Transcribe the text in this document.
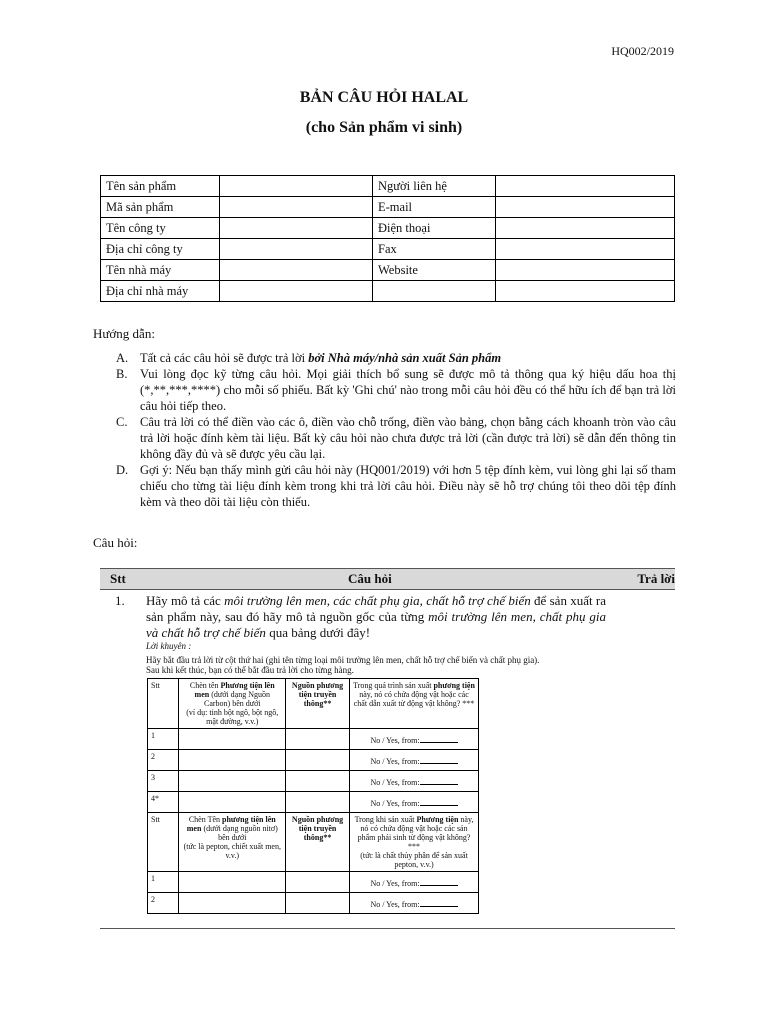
HQ002/2019
BẢN CÂU HỎI HALAL
(cho Sản phẩm vi sinh)
Tên sản phẩm		Người liên hệ	
Mã sản phẩm		E-mail	
Tên công ty		Điện thoại	
Địa chỉ công ty		Fax	
Tên nhà máy		Website	
Địa chỉ nhà máy			
Hướng dẫn:
A. Tất cả các câu hỏi sẽ được trả lời bởi Nhà máy/nhà sản xuất Sản phẩm
B. Vui lòng đọc kỹ từng câu hỏi. Mọi giải thích bổ sung sẽ được mô tả thông qua ký hiệu dấu hoa thị (*,**,***,****) cho mỗi số phiếu. Bất kỳ 'Ghi chú' nào trong mỗi câu hỏi đều có thể hữu ích để bạn trả lời câu hỏi tiếp theo.
C. Câu trả lời có thể điền vào các ô, điền vào chỗ trống, điền vào bảng, chọn bằng cách khoanh tròn vào câu trả lời hoặc đính kèm tài liệu. Bất kỳ câu hỏi nào chưa được trả lời (cần được trả lời) sẽ dẫn đến thông tin không đầy đủ và sẽ được yêu cầu lại.
D. Gợi ý: Nếu bạn thấy mình gửi câu hỏi này (HQ001/2019) với hơn 5 tệp đính kèm, vui lòng ghi lại số tham chiếu cho từng tài liệu đính kèm trong khi trả lời câu hỏi. Điều này sẽ hỗ trợ chúng tôi theo dõi tệp đính kèm và theo dõi tài liệu còn thiếu.
Câu hỏi:
Stt	Câu hỏi	Trả lời
1. Hãy mô tả các môi trường lên men, các chất phụ gia, chất hỗ trợ chế biến để sản xuất ra sản phẩm này, sau đó hãy mô tả nguồn gốc của từng môi trường lên men, chất phụ gia và chất hỗ trợ chế biến qua bảng dưới đây!
Lời khuyên :
Hãy bắt đầu trả lời từ cột thứ hai (ghi tên từng loại môi trường lên men, chất hỗ trợ chế biến và chất phụ gia).
Sau khi kết thúc, bạn có thể bắt đầu trả lời cho từng hàng.
Stt	Chèn tên Phương tiện lên men (dưới dạng Nguồn Carbon) bên dưới
(ví dụ: tinh bột ngô, bột ngô, mật đường, v.v.)	Nguồn phương tiện truyền thông**	Trong quá trình sản xuất phương tiện này, nó có chứa động vật hoặc các chất dẫn xuất từ động vật không? ***
1			No / Yes, from:
2			No / Yes, from:
3			No / Yes, from:
4*			No / Yes, from:
Stt	Chèn Tên phương tiện lên men (dưới dạng nguồn nitơ) bên dưới
(tức là pepton, chiết xuất men, v.v.)	Nguồn phương tiện truyền thông**	Trong khi sản xuất Phương tiện này, nó có chứa động vật hoặc các sản phẩm phái sinh từ động vật không? ***
(tức là chất thủy phân để sản xuất pepton, v.v.)
1			No / Yes, from:
2			No / Yes, from:
